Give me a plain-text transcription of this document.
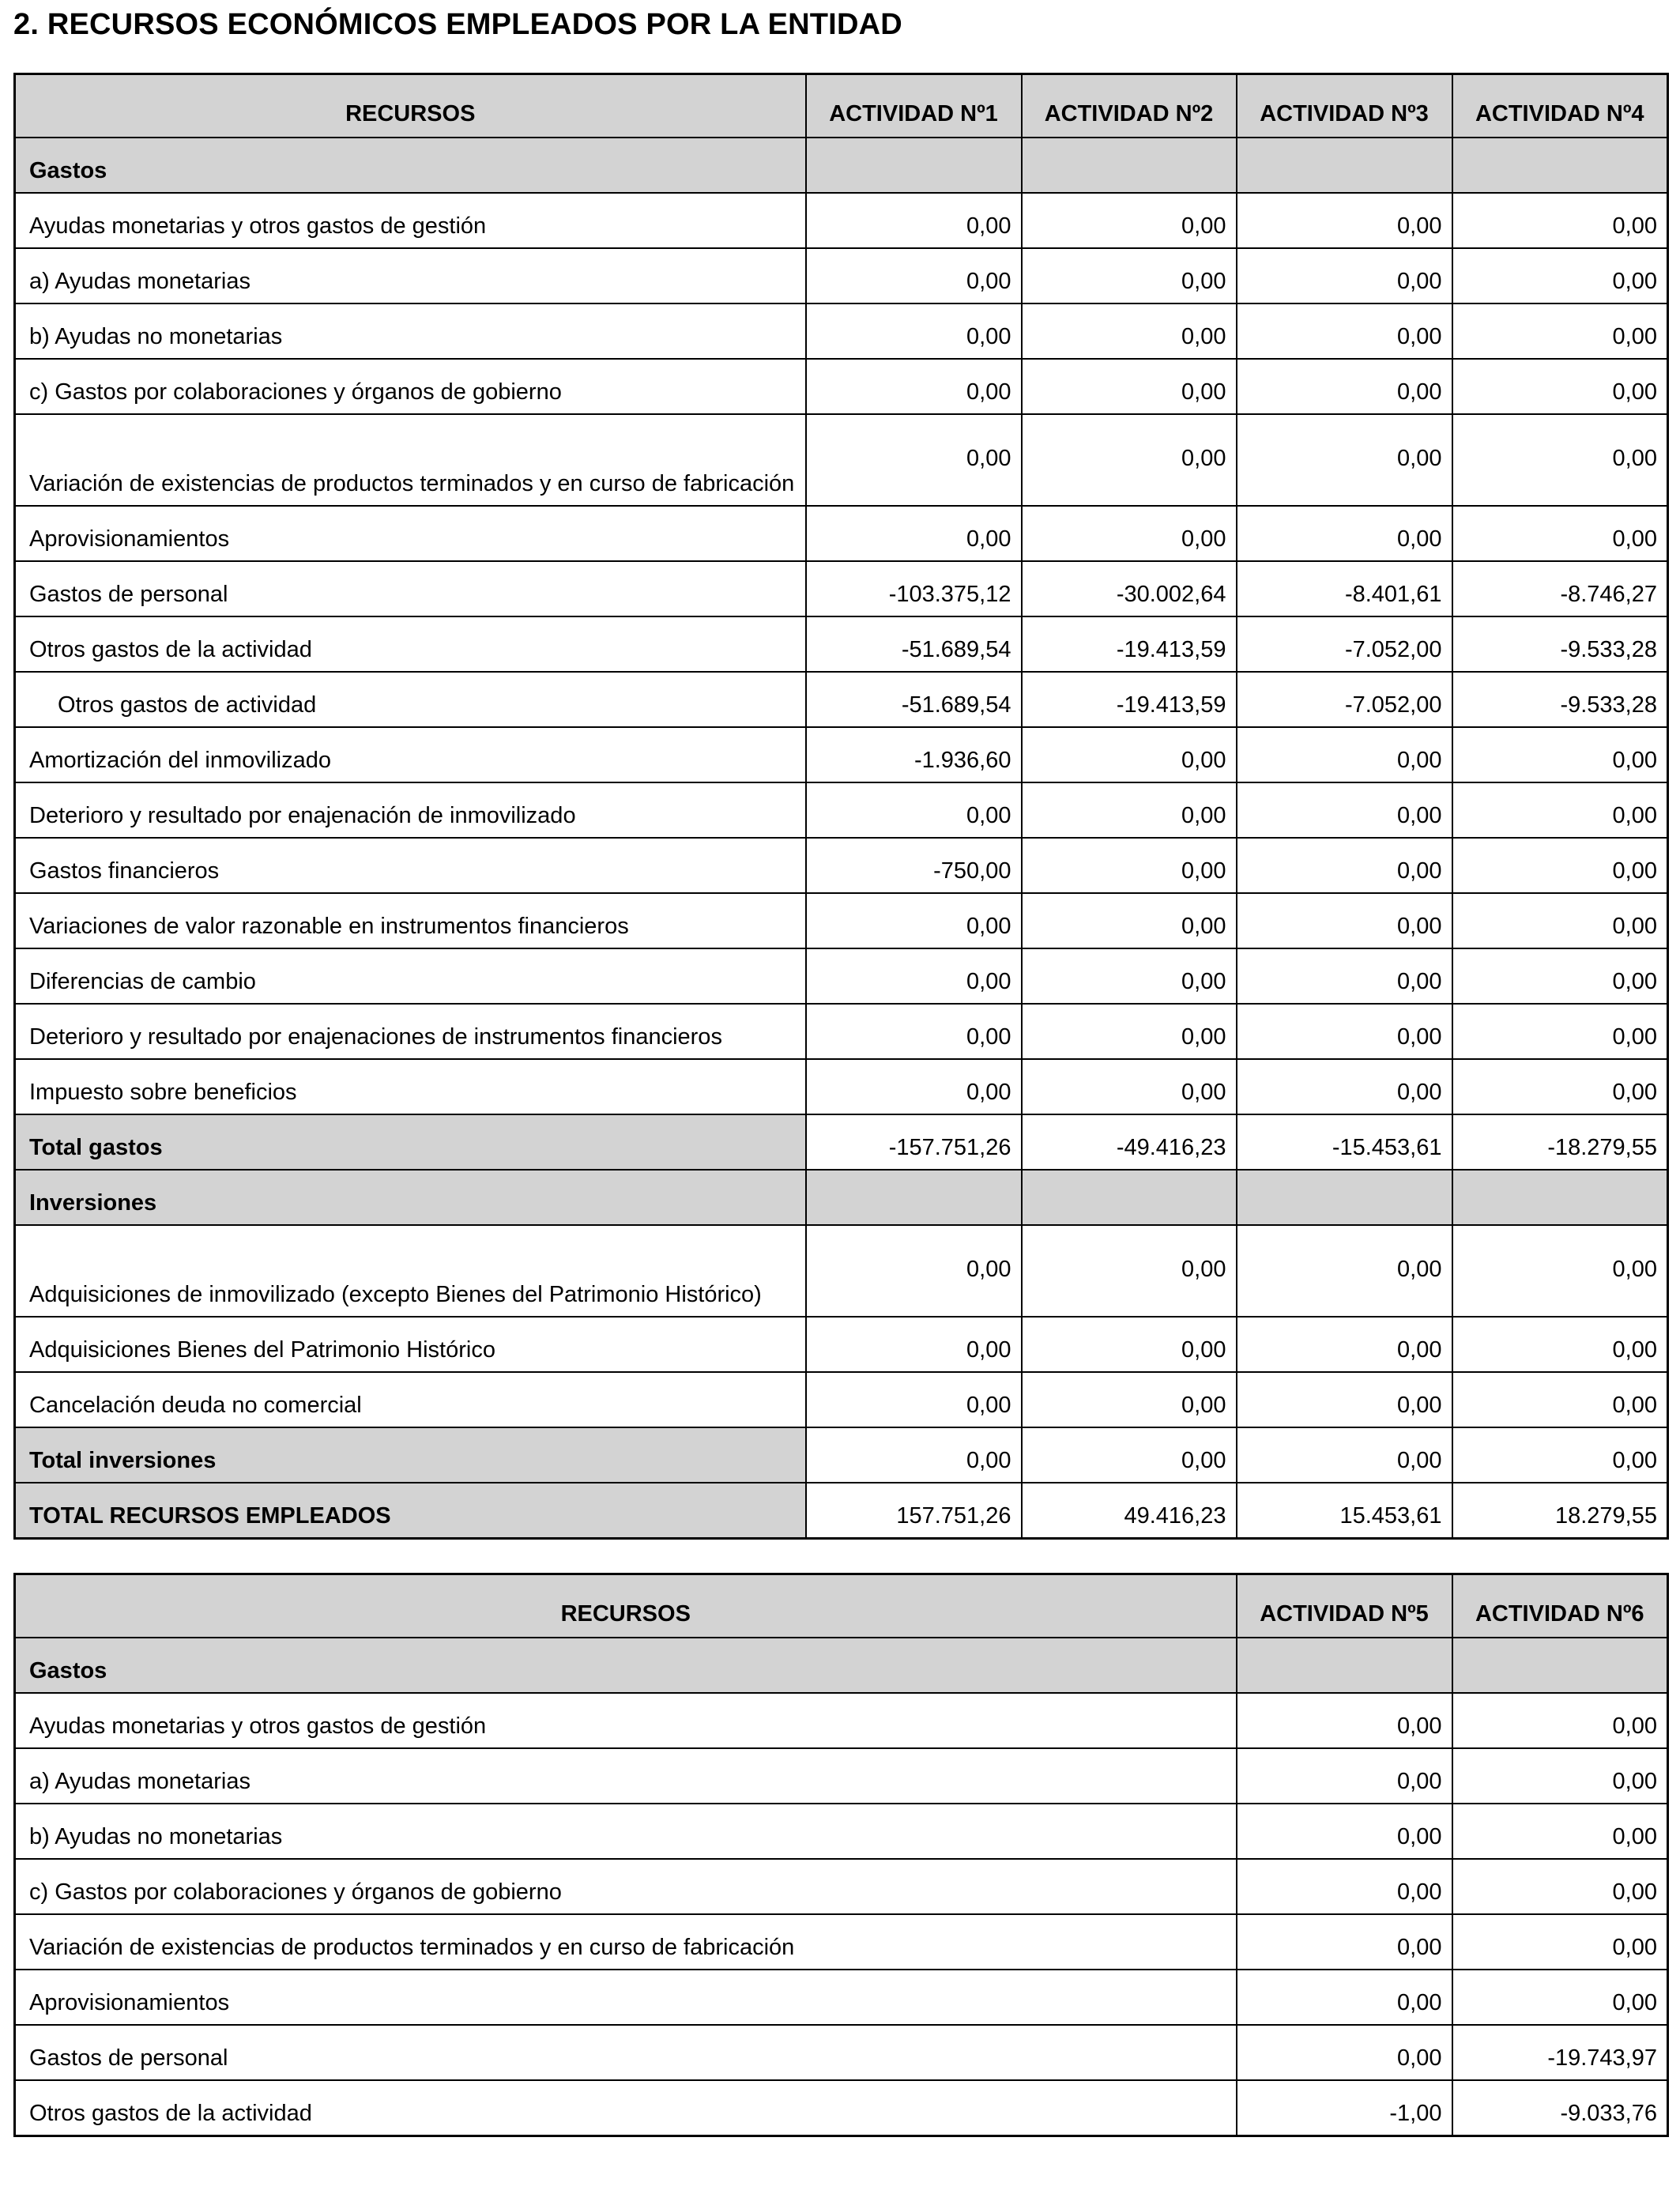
2. RECURSOS ECONÓMICOS EMPLEADOS POR LA ENTIDAD
RECURSOS	ACTIVIDAD Nº1	ACTIVIDAD Nº2	ACTIVIDAD Nº3	ACTIVIDAD Nº4
Gastos				
Ayudas monetarias y otros gastos de gestión	0,00	0,00	0,00	0,00
a) Ayudas monetarias	0,00	0,00	0,00	0,00
b) Ayudas no monetarias	0,00	0,00	0,00	0,00
c) Gastos por colaboraciones y órganos de gobierno	0,00	0,00	0,00	0,00
Variación de existencias de productos terminados y en curso de fabricación	0,00	0,00	0,00	0,00
Aprovisionamientos	0,00	0,00	0,00	0,00
Gastos de personal	-103.375,12	-30.002,64	-8.401,61	-8.746,27
Otros gastos de la actividad	-51.689,54	-19.413,59	-7.052,00	-9.533,28
Otros gastos de actividad	-51.689,54	-19.413,59	-7.052,00	-9.533,28
Amortización del inmovilizado	-1.936,60	0,00	0,00	0,00
Deterioro y resultado por enajenación de inmovilizado	0,00	0,00	0,00	0,00
Gastos financieros	-750,00	0,00	0,00	0,00
Variaciones de valor razonable en instrumentos financieros	0,00	0,00	0,00	0,00
Diferencias de cambio	0,00	0,00	0,00	0,00
Deterioro y resultado por enajenaciones de instrumentos financieros	0,00	0,00	0,00	0,00
Impuesto sobre beneficios	0,00	0,00	0,00	0,00
Total gastos	-157.751,26	-49.416,23	-15.453,61	-18.279,55
Inversiones				
Adquisiciones de inmovilizado (excepto Bienes del Patrimonio Histórico)	0,00	0,00	0,00	0,00
Adquisiciones Bienes del Patrimonio Histórico	0,00	0,00	0,00	0,00
Cancelación deuda no comercial	0,00	0,00	0,00	0,00
Total inversiones	0,00	0,00	0,00	0,00
TOTAL RECURSOS EMPLEADOS	157.751,26	49.416,23	15.453,61	18.279,55
RECURSOS	ACTIVIDAD Nº5	ACTIVIDAD Nº6
Gastos		
Ayudas monetarias y otros gastos de gestión	0,00	0,00
a) Ayudas monetarias	0,00	0,00
b) Ayudas no monetarias	0,00	0,00
c) Gastos por colaboraciones y órganos de gobierno	0,00	0,00
Variación de existencias de productos terminados y en curso de fabricación	0,00	0,00
Aprovisionamientos	0,00	0,00
Gastos de personal	0,00	-19.743,97
Otros gastos de la actividad	-1,00	-9.033,76
